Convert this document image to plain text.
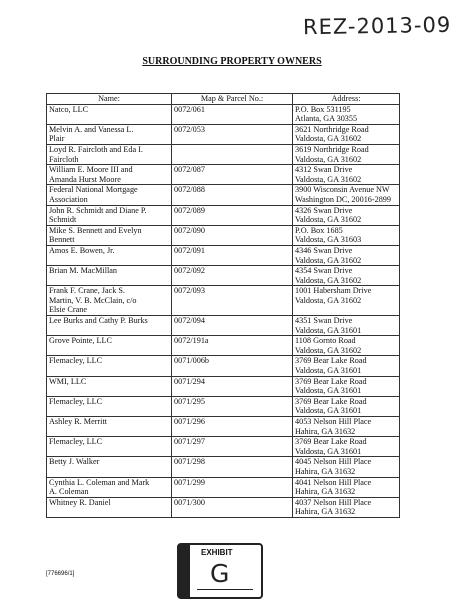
REZ-2013-09
SURROUNDING PROPERTY OWNERS
Name:	Map & Parcel No.:	Address:

Natco, LLC	0072/061	P.O. Box 531195
Atlanta, GA 30355

Melvin A. and Vanessa L.
Plair	0072/053	3621 Northridge Road
Valdosta, GA 31602

Loyd R. Faircloth and Eda I.
Faircloth		3619 Northridge Road
Valdosta, GA 31602

William E. Moore III and
Amanda Hurst Moore	0072/087	4312 Swan Drive
Valdosta, GA 31602

Federal National Mortgage
Association	0072/088	3900 Wisconsin Avenue NW
Washington DC, 20016-2899

John R. Schmidt and Diane P.
Schmidt	0072/089	4326 Swan Drive
Valdosta, GA 31602

Mike S. Bennett and Evelyn
Bennett	0072/090	P.O. Box 1685
Valdosta, GA 31603

Amos E. Bowen, Jr.	0072/091	4346 Swan Drive
Valdosta, GA 31602

Brian M. MacMillan	0072/092	4354 Swan Drive
Valdosta, GA 31602

Frank F. Crane, Jack S.
Martin, V. B. McClain, c/o
Elsie Crane	0072/093	1001 Habersham Drive
Valdosta, GA 31602

Lee Burks and Cathy P. Burks	0072/094	4351 Swan Drive
Valdosta, GA 31601

Grove Pointe, LLC	0072/191a	1108 Gornto Road
Valdosta, GA 31602

Flemacley, LLC	0071/006b	3769 Bear Lake Road
Valdosta, GA 31601

WMI, LLC	0071/294	3769 Bear Lake Road
Valdosta, GA 31601

Flemacley, LLC	0071/295	3769 Bear Lake Road
Valdosta, GA 31601

Ashley R. Merritt	0071/296	4053 Nelson Hill Place
Hahira, GA 31632

Flemacley, LLC	0071/297	3769 Bear Lake Road
Valdosta, GA 31601

Betty J. Walker	0071/298	4045 Nelson Hill Place
Hahira, GA 31632

Cynthia L. Coleman and Mark
A. Coleman	0071/299	4041 Nelson Hill Place
Hahira, GA 31632

Whitney R. Daniel	0071/300	4037 Nelson Hill Place
Hahira, GA 31632
[776696/1]	ALL-STATE LEGAL EXHIBIT
G
